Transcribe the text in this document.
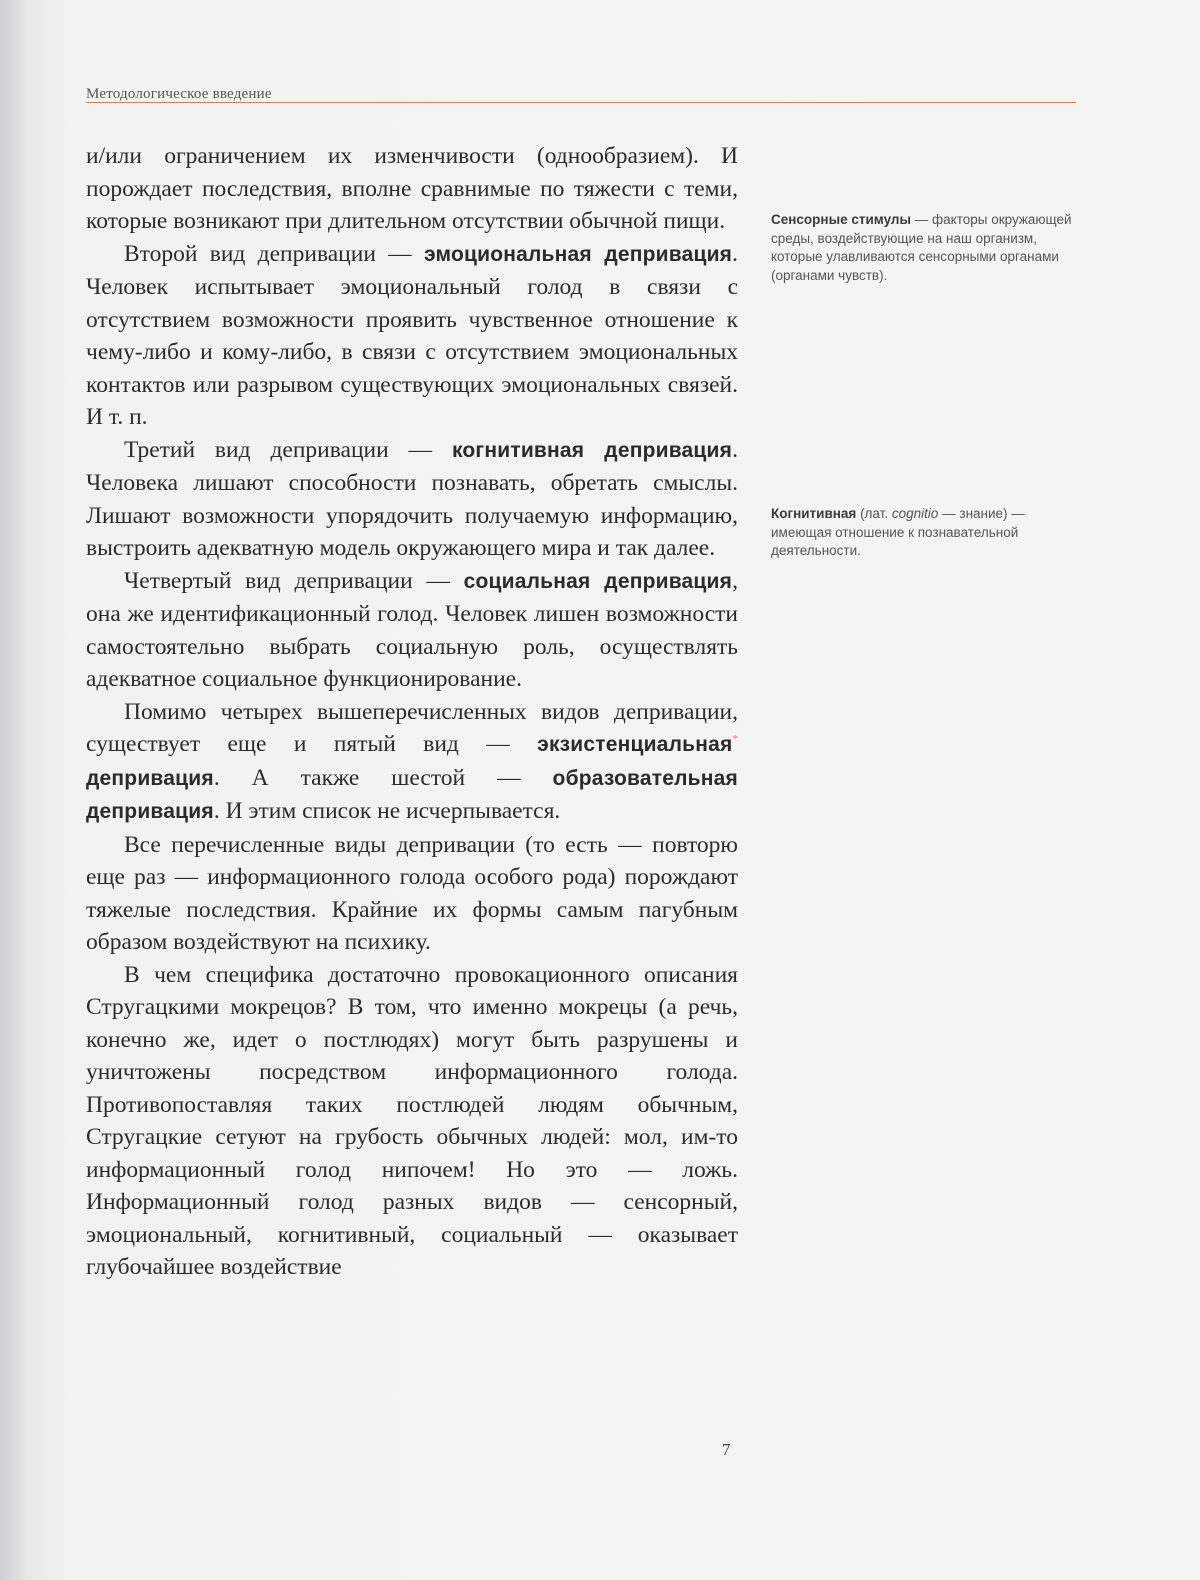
Методологическое введение

и/или ограничением их изменчивости (однообразием). И порождает последствия, вполне сравнимые по тяжести с теми, которые возникают при длительном отсутствии обычной пищи.

Второй вид депривации — эмоциональная депривация. Человек испытывает эмоциональный голод в связи с отсутствием возможности проявить чувственное отношение к чему-либо и кому-либо, в связи с отсутствием эмоциональных контактов или разрывом существующих эмоциональных связей. И т. п.

Третий вид депривации — когнитивная депривация. Человека лишают способности познавать, обретать смыслы. Лишают возможности упорядочить получаемую информацию, выстроить адекватную модель окружающего мира и так далее.

Четвертый вид депривации — социальная депривация, она же идентификационный голод. Человек лишен возможности самостоятельно выбрать социальную роль, осуществлять адекватное социальное функционирование.

Помимо четырех вышеперечисленных видов депривации, существует еще и пятый вид — экзистенциальная* депривация. А также шестой — образовательная депривация. И этим список не исчерпывается.

Все перечисленные виды депривации (то есть — повторю еще раз — информационного голода особого рода) порождают тяжелые последствия. Крайние их формы самым пагубным образом воздействуют на психику.

В чем специфика достаточно провокационного описания Стругацкими мокрецов? В том, что именно мокрецы (а речь, конечно же, идет о постлюдях) могут быть разрушены и уничтожены посредством информационного голода. Противопоставляя таких постлюдей людям обычным, Стругацкие сетуют на грубость обычных людей: мол, им-то информационный голод нипочем! Но это — ложь. Информационный голод разных видов — сенсорный, эмоциональный, когнитивный, социальный — оказывает глубочайшее воздействие

Сенсорные стимулы — факторы окружающей среды, воздействующие на наш организм, которые улавливаются сенсорными органами (органами чувств).
Когнитивная (лат. cognitio — знание) — имеющая отношение к познавательной деятельности.
7
